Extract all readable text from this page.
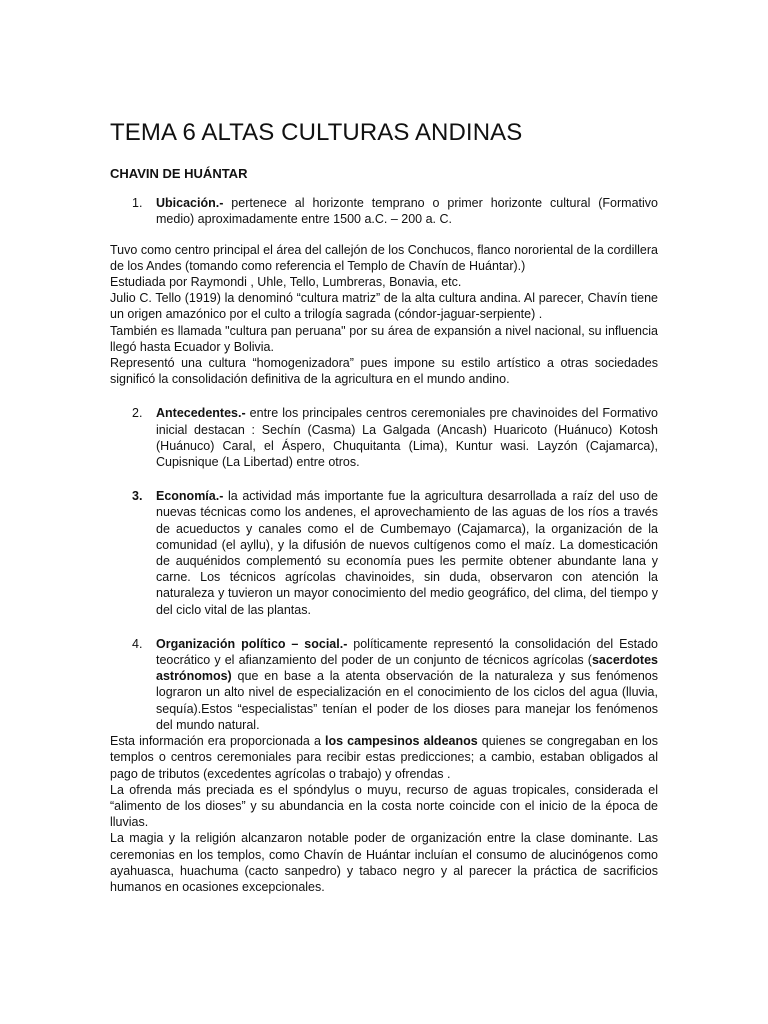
TEMA 6 ALTAS CULTURAS ANDINAS
CHAVIN DE HUÁNTAR
1.	Ubicación.- pertenece al horizonte temprano o primer horizonte cultural (Formativo medio) aproximadamente entre 1500 a.C. – 200 a. C.

Tuvo como centro principal el área del callejón de los Conchucos, flanco nororiental de la cordillera de los Andes (tomando como referencia el Templo de Chavín de Huántar).)

Estudiada por Raymondi , Uhle, Tello, Lumbreras, Bonavia, etc.

Julio C. Tello (1919) la denominó “cultura matriz” de la alta cultura andina. Al parecer, Chavín tiene un origen amazónico por el culto a trilogía sagrada (cóndor-jaguar-serpiente) .

También es llamada "cultura pan peruana" por su área de expansión a nivel nacional, su influencia llegó hasta Ecuador y Bolivia.

Representó una cultura “homogenizadora” pues impone su estilo artístico a otras sociedades significó la consolidación definitiva de la agricultura en el mundo andino.

2.	Antecedentes.- entre los principales centros ceremoniales pre chavinoides del Formativo inicial destacan : Sechín (Casma) La Galgada (Ancash) Huaricoto (Huánuco) Kotosh (Huánuco) Caral, el Áspero, Chuquitanta (Lima), Kuntur wasi. Layzón (Cajamarca), Cupisnique (La Libertad) entre otros.
3.	Economía.- la actividad más importante fue la agricultura desarrollada a raíz del uso de nuevas técnicas como los andenes, el aprovechamiento de las aguas de los ríos a través de acueductos y canales como el de Cumbemayo (Cajamarca), la organización de la comunidad (el ayllu), y la difusión de nuevos cultígenos como el maíz. La domesticación de auquénidos complementó su economía pues les permite obtener abundante lana y carne. Los técnicos agrícolas chavinoides, sin duda, observaron con atención la naturaleza y tuvieron un mayor conocimiento del medio geográfico, del clima, del tiempo y del ciclo vital de las plantas.
4.	Organización político – social.- políticamente representó la consolidación del Estado teocrático y el afianzamiento del poder de un conjunto de técnicos agrícolas (sacerdotes astrónomos) que en base a la atenta observación de la naturaleza y sus fenómenos lograron un alto nivel de especialización en el conocimiento de los ciclos del agua (lluvia, sequía).Estos “especialistas” tenían el poder de los dioses para manejar los fenómenos del mundo natural.

Esta información era proporcionada a los campesinos aldeanos quienes se congregaban en los templos o centros ceremoniales para recibir estas predicciones; a cambio, estaban obligados al pago de tributos (excedentes agrícolas o trabajo) y ofrendas .

La ofrenda más preciada es el spóndylus o muyu, recurso de aguas tropicales, considerada el “alimento de los dioses” y su abundancia en la costa norte coincide con el inicio de la época de lluvias.

La magia y la religión alcanzaron notable poder de organización entre la clase dominante. Las ceremonias en los templos, como Chavín de Huántar incluían el consumo de alucinógenos como ayahuasca, huachuma (cacto sanpedro) y tabaco negro y al parecer la práctica de sacrificios humanos en ocasiones excepcionales.
